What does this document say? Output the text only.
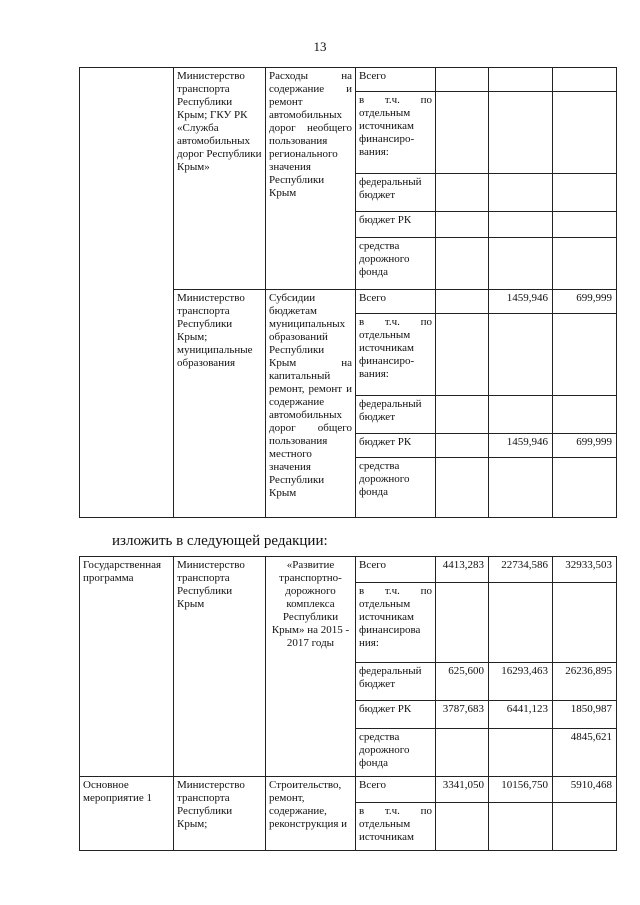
13
	Министерство транспорта Республики Крым; ГКУ РК «Служба автомобильных дорог Республики Крым»	Расходы на содержание и ремонт автомобильных дорог необщего пользования регионального значения Республики Крым	Всего			
			в т.ч. по отдельным источникам финансиро-вания:			
			федеральный бюджет			
			бюджет РК			
			средства дорожного фонда			
	Министерство транспорта Республики Крым; муниципальные образования	Субсидии бюджетам муниципальных образований Республики Крым на капитальный ремонт, ремонт и содержание автомобильных дорог общего пользования местного значения Республики Крым	Всего		1459,946	699,999
			в т.ч. по отдельным источникам финансиро-вания:			
			федеральный бюджет			
			бюджет РК		1459,946	699,999
			средства дорожного фонда			
изложить в следующей редакции:
Государственная программа	Министерство транспорта Республики Крым	«Развитие транспортно-дорожного комплекса Республики Крым» на 2015 - 2017 годы	Всего	4413,283	22734,586	32933,503
			в т.ч. по отдельным источникам финансирова ния:			
			федеральный бюджет	625,600	16293,463	26236,895
			бюджет РК	3787,683	6441,123	1850,987
			средства дорожного фонда			4845,621
Основное мероприятие 1	Министерство транспорта Республики Крым;	Строительство, ремонт, содержание, реконструкция и	Всего	3341,050	10156,750	5910,468
			в т.ч. по отдельным источникам			
